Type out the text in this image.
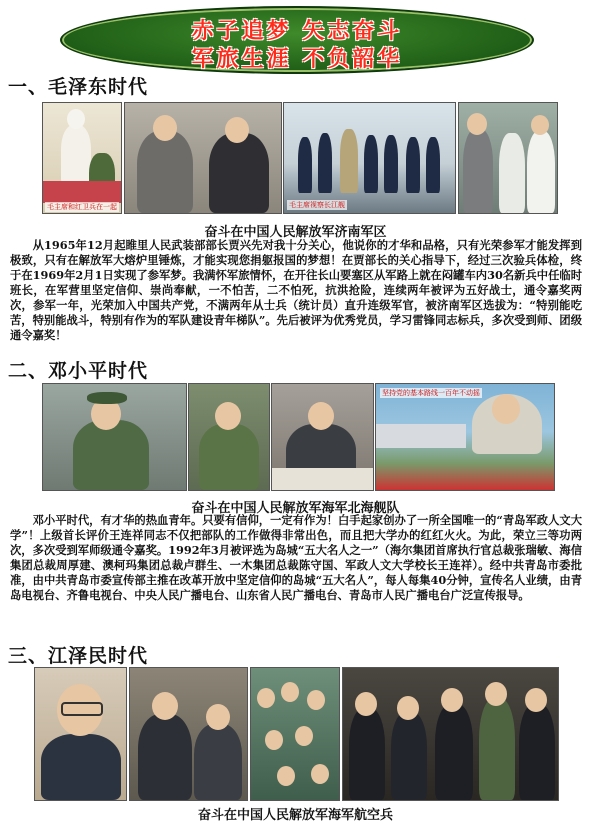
赤子追梦 矢志奋斗
军旅生涯 不负韶华
一、毛泽东时代
毛主席和红卫兵在一起	毛主席视察长江舰
奋斗在中国人民解放军济南军区
从1965年12月起睢里人民武装部部长贾兴先对我十分关心，他说你的才华和品格，只有光荣参军才能发挥到极致，只有在解放军大熔炉里锤炼，才能实现您捐躯报国的梦想！在贾部长的关心指导下，经过三次验兵体检，终于在1969年2月1日实现了参军梦。我满怀军旅情怀，在开往长山要塞区从军路上就在闷罐车内30名新兵中任临时班长，在军营里坚定信仰、崇尚奉献，一不怕苦，二不怕死，抗洪抢险，连续两年被评为五好战士，通令嘉奖两次，参军一年，光荣加入中国共产党，不满两年从士兵（统计员）直升连级军官，被济南军区选拔为：“特别能吃苦，特别能战斗，特别有作为的军队建设青年梯队”。先后被评为优秀党员，学习雷锋同志标兵，多次受到师、团级通令嘉奖！
二、邓小平时代
坚持党的基本路线一百年不动摇
奋斗在中国人民解放军海军北海舰队
邓小平时代，有才华的热血青年。只要有信仰，一定有作为！白手起家创办了一所全国唯一的“青岛军政人文大学”！上级首长评价王连祥同志不仅把部队的工作做得非常出色，而且把大学办的红红火火。为此，荣立三等功两次，多次受到军师级通令嘉奖。1992年3月被评选为岛城“五大名人之一”（海尔集团首席执行官总裁张瑞敏、海信集团总裁周厚建、澳柯玛集团总裁卢群生、一木集团总裁陈守国、军政人文大学校长王连祥）。经中共青岛市委批准，由中共青岛市委宣传部主推在改革开放中坚定信仰的岛城“五大名人”，每人每集40分钟，宣传名人业绩，由青岛电视台、齐鲁电视台、中央人民广播电台、山东省人民广播电台、青岛市人民广播电台广泛宣传报导。
三、江泽民时代
奋斗在中国人民解放军海军航空兵
